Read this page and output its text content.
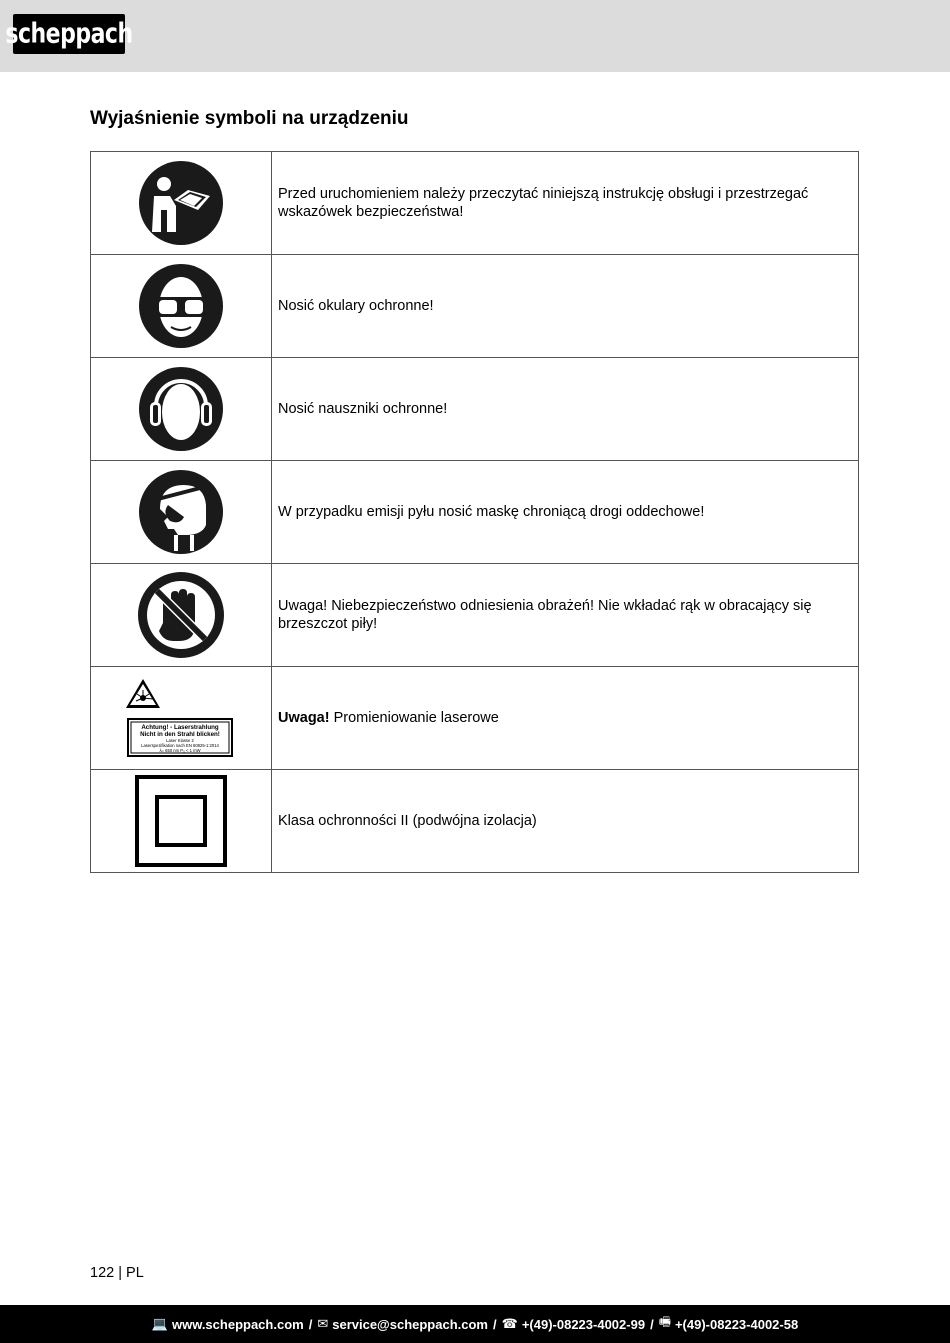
scheppach
Wyjaśnienie symboli na urządzeniu
	Przed uruchomieniem należy przeczytać niniejszą instrukcję obsługi i przestrzegać wskazówek bezpieczeństwa!

	Nosić okulary ochronne!

	Nosić nauszniki ochronne!

	W przypadku emisji pyłu nosić maskę chroniącą drogi oddechowe!

	Uwaga! Niebezpieczeństwo odniesienia obrażeń! Nie wkładać rąk w obracający się brzeszczot piły!

Achtung! - Laserstrahlung
Nicht in den Strahl blicken!
Laser Klasse 2
Laserspezifikation nach EN 60825-1:2014
λ= 650 nm P₀ < 1 mW	Uwaga! Promieniowanie laserowe

	Klasa ochronności II (podwójna izolacja)
122 | PL
💻 www.scheppach.com / ✉ service@scheppach.com / ☎ +(49)-08223-4002-99 / 🖷 +(49)-08223-4002-58
